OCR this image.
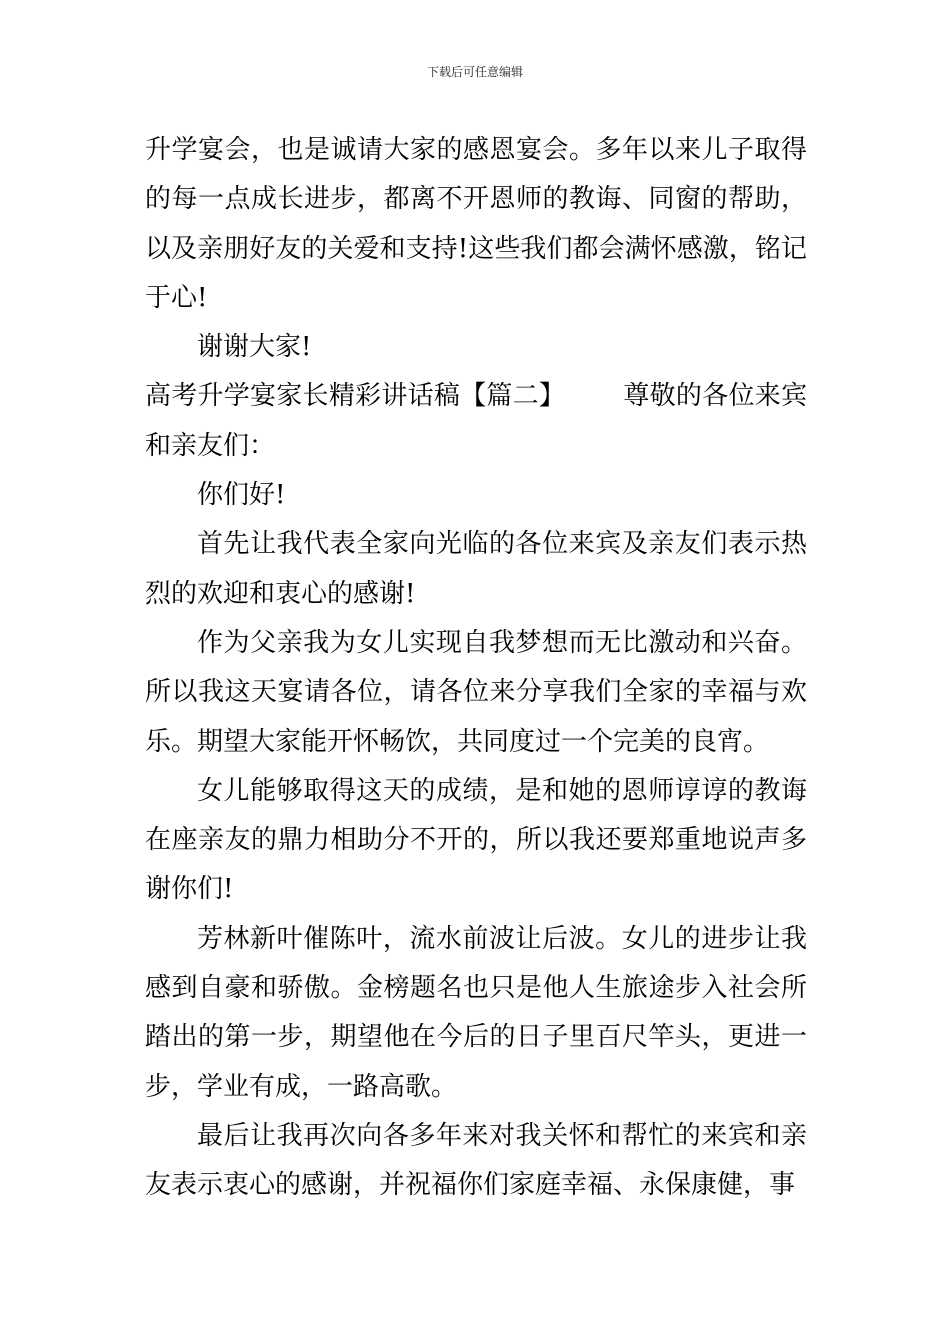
下载后可任意编辑

升学宴会，也是诚请大家的感恩宴会。多年以来儿子取得的每一点成长进步，都离不开恩师的教诲、同窗的帮助，以及亲朋好友的关爱和支持!这些我们都会满怀感激，铭记于心!

谢谢大家!

高考升学宴家长精彩讲话稿【篇二】 尊敬的各位来宾和亲友们：

你们好!

首先让我代表全家向光临的各位来宾及亲友们表示热烈的欢迎和衷心的感谢!

作为父亲我为女儿实现自我梦想而无比激动和兴奋。所以我这天宴请各位，请各位来分享我们全家的幸福与欢乐。期望大家能开怀畅饮，共同度过一个完美的良宵。

女儿能够取得这天的成绩，是和她的恩师谆谆的教诲在座亲友的鼎力相助分不开的，所以我还要郑重地说声多谢你们!

芳林新叶催陈叶，流水前波让后波。女儿的进步让我感到自豪和骄傲。金榜题名也只是他人生旅途步入社会所踏出的第一步，期望他在今后的日子里百尺竿头，更进一步，学业有成，一路高歌。

最后让我再次向各多年来对我关怀和帮忙的来宾和亲友表示衷心的感谢，并祝福你们家庭幸福、永保康健，事
